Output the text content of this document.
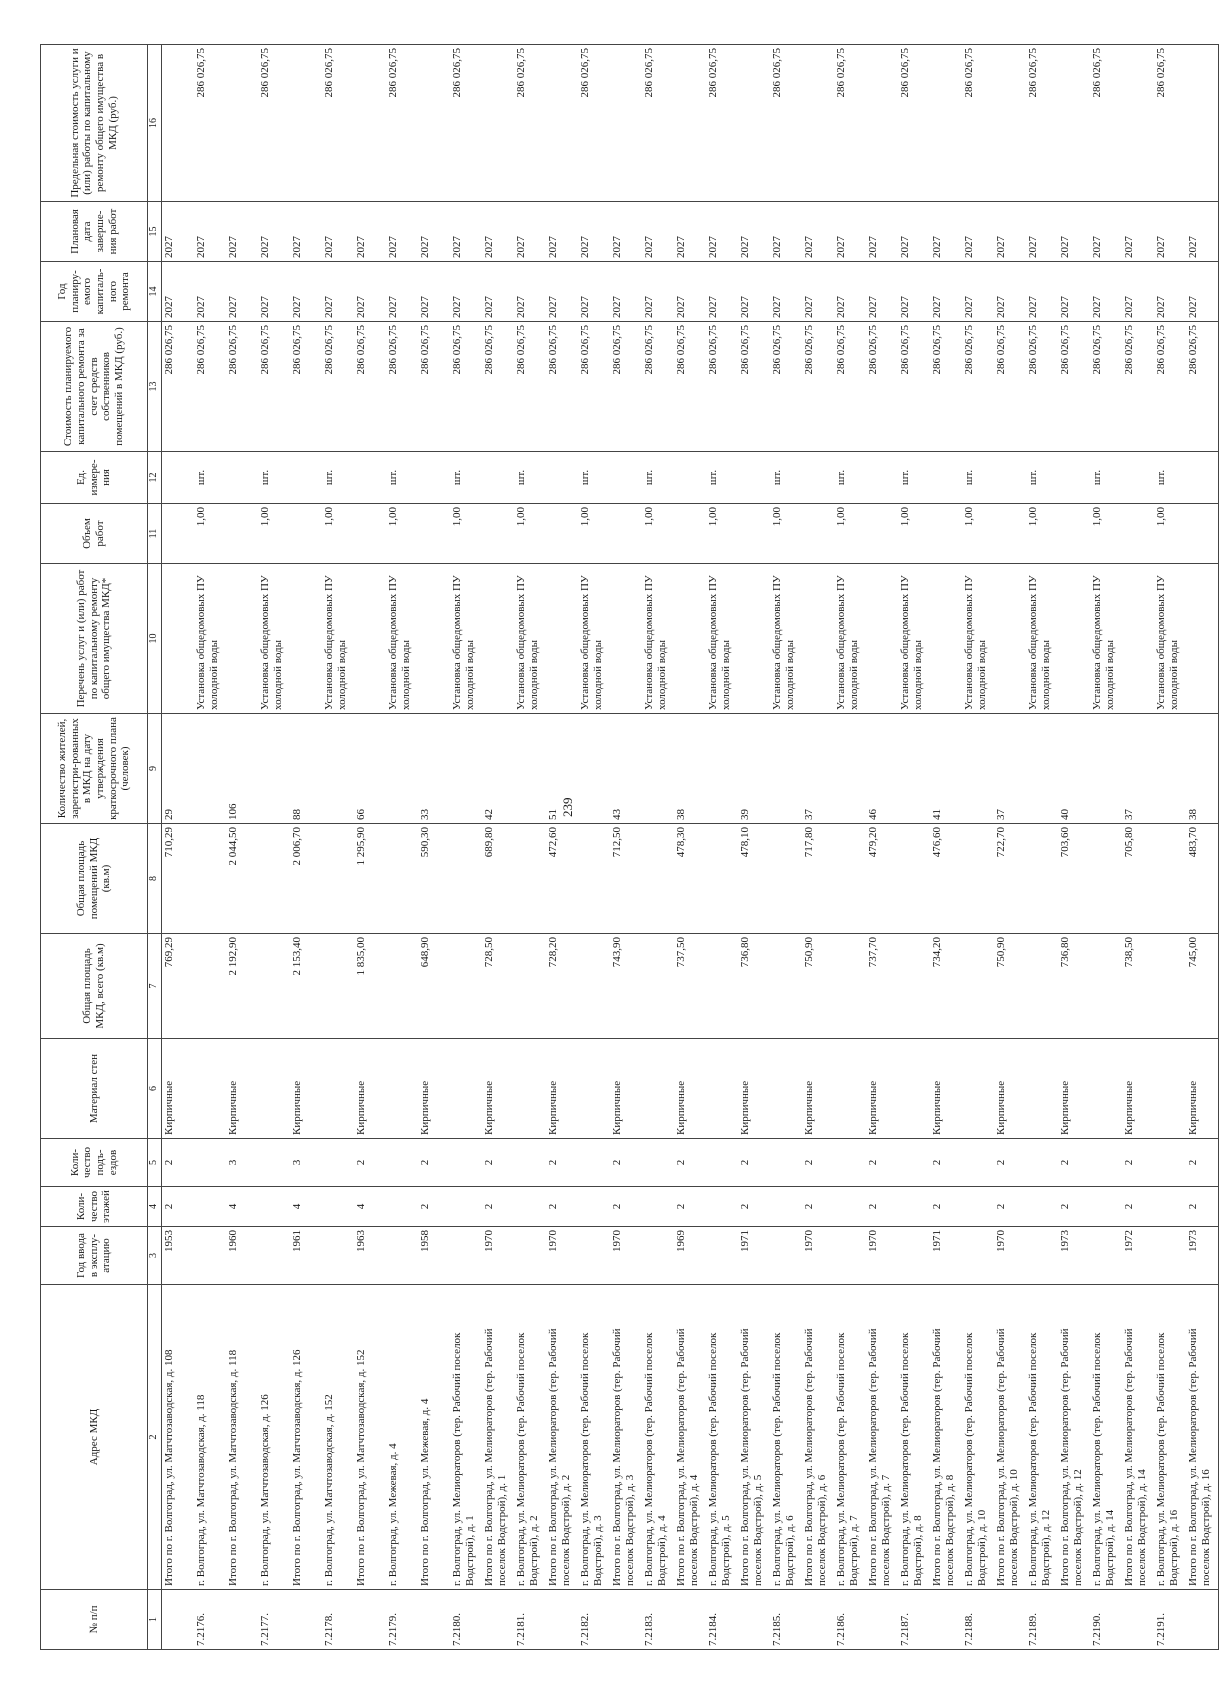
239
№ п/п	Адрес МКД	Год ввода в эксплу-атацию	Коли-чество этажей	Коли-чество подъ-ездов	Материал стен	Общая площадь МКД, всего (кв.м)	Общая площадь помещений МКД (кв.м)	Количество жителей, зарегистри-рованных в МКД на дату утверждения краткосрочного плана (человек)	Перечень услуг и (или) работ по капитальному ремонту общего имущества МКД*	Объем работ	Ед. измере-ния	Стоимость планируемого капитального ремонта за счет средств собственников помещений в МКД (руб.)	Год планиру-емого капиталь-ного ремонта	Плановая дата заверше-ния работ	Предельная стоимость услуги и (или) работы по капитальному ремонту общего имущества в МКД (руб.)
1	2	3	4	5	6	7	8	9	10	11	12	13	14	15	16
	Итого по г. Волгоград, ул. Матчтозаводская, д. 108	1953	2	2	Кирпичные	769,29	710,29	29				286 026,75	2027	2027	
7.2176.	г. Волгоград, ул. Матчтозаводская, д. 118								Установка общедомовых ПУ холодной воды	1,00	шт.	286 026,75	2027	2027	286 026,75
	Итого по г. Волгоград, ул. Матчтозаводская, д. 118	1960	4	3	Кирпичные	2 192,90	2 044,50	106				286 026,75	2027	2027	
7.2177.	г. Волгоград, ул. Матчтозаводская, д. 126								Установка общедомовых ПУ холодной воды	1,00	шт.	286 026,75	2027	2027	286 026,75
	Итого по г. Волгоград, ул. Матчтозаводская, д. 126	1961	4	3	Кирпичные	2 153,40	2 006,70	88				286 026,75	2027	2027	
7.2178.	г. Волгоград, ул. Матчтозаводская, д. 152								Установка общедомовых ПУ холодной воды	1,00	шт.	286 026,75	2027	2027	286 026,75
	Итого по г. Волгоград, ул. Матчтозаводская, д. 152	1963	4	2	Кирпичные	1 835,00	1 295,90	66				286 026,75	2027	2027	
7.2179.	г. Волгоград, ул. Межевая, д. 4								Установка общедомовых ПУ холодной воды	1,00	шт.	286 026,75	2027	2027	286 026,75
	Итого по г. Волгоград, ул. Межевая, д. 4	1958	2	2	Кирпичные	648,90	590,30	33				286 026,75	2027	2027	
7.2180.	г. Волгоград, ул. Мелиораторов (тер. Рабочий поселок Водстрой), д. 1								Установка общедомовых ПУ холодной воды	1,00	шт.	286 026,75	2027	2027	286 026,75
	Итого по г. Волгоград, ул. Мелиораторов (тер. Рабочий поселок Водстрой), д. 1	1970	2	2	Кирпичные	728,50	689,80	42				286 026,75	2027	2027	
7.2181.	г. Волгоград, ул. Мелиораторов (тер. Рабочий поселок Водстрой), д. 2								Установка общедомовых ПУ холодной воды	1,00	шт.	286 026,75	2027	2027	286 026,75
	Итого по г. Волгоград, ул. Мелиораторов (тер. Рабочий поселок Водстрой), д. 2	1970	2	2	Кирпичные	728,20	472,60	51				286 026,75	2027	2027	
7.2182.	г. Волгоград, ул. Мелиораторов (тер. Рабочий поселок Водстрой), д. 3								Установка общедомовых ПУ холодной воды	1,00	шт.	286 026,75	2027	2027	286 026,75
	Итого по г. Волгоград, ул. Мелиораторов (тер. Рабочий поселок Водстрой), д. 3	1970	2	2	Кирпичные	743,90	712,50	43				286 026,75	2027	2027	
7.2183.	г. Волгоград, ул. Мелиораторов (тер. Рабочий поселок Водстрой), д. 4								Установка общедомовых ПУ холодной воды	1,00	шт.	286 026,75	2027	2027	286 026,75
	Итого по г. Волгоград, ул. Мелиораторов (тер. Рабочий поселок Водстрой), д. 4	1969	2	2	Кирпичные	737,50	478,30	38				286 026,75	2027	2027	
7.2184.	г. Волгоград, ул. Мелиораторов (тер. Рабочий поселок Водстрой), д. 5								Установка общедомовых ПУ холодной воды	1,00	шт.	286 026,75	2027	2027	286 026,75
	Итого по г. Волгоград, ул. Мелиораторов (тер. Рабочий поселок Водстрой), д. 5	1971	2	2	Кирпичные	736,80	478,10	39				286 026,75	2027	2027	
7.2185.	г. Волгоград, ул. Мелиораторов (тер. Рабочий поселок Водстрой), д. 6								Установка общедомовых ПУ холодной воды	1,00	шт.	286 026,75	2027	2027	286 026,75
	Итого по г. Волгоград, ул. Мелиораторов (тер. Рабочий поселок Водстрой), д. 6	1970	2	2	Кирпичные	750,90	717,80	37				286 026,75	2027	2027	
7.2186.	г. Волгоград, ул. Мелиораторов (тер. Рабочий поселок Водстрой), д. 7								Установка общедомовых ПУ холодной воды	1,00	шт.	286 026,75	2027	2027	286 026,75
	Итого по г. Волгоград, ул. Мелиораторов (тер. Рабочий поселок Водстрой), д. 7	1970	2	2	Кирпичные	737,70	479,20	46				286 026,75	2027	2027	
7.2187.	г. Волгоград, ул. Мелиораторов (тер. Рабочий поселок Водстрой), д. 8								Установка общедомовых ПУ холодной воды	1,00	шт.	286 026,75	2027	2027	286 026,75
	Итого по г. Волгоград, ул. Мелиораторов (тер. Рабочий поселок Водстрой), д. 8	1971	2	2	Кирпичные	734,20	476,60	41				286 026,75	2027	2027	
7.2188.	г. Волгоград, ул. Мелиораторов (тер. Рабочий поселок Водстрой), д. 10								Установка общедомовых ПУ холодной воды	1,00	шт.	286 026,75	2027	2027	286 026,75
	Итого по г. Волгоград, ул. Мелиораторов (тер. Рабочий поселок Водстрой), д. 10	1970	2	2	Кирпичные	750,90	722,70	37				286 026,75	2027	2027	
7.2189.	г. Волгоград, ул. Мелиораторов (тер. Рабочий поселок Водстрой), д. 12								Установка общедомовых ПУ холодной воды	1,00	шт.	286 026,75	2027	2027	286 026,75
	Итого по г. Волгоград, ул. Мелиораторов (тер. Рабочий поселок Водстрой), д. 12	1973	2	2	Кирпичные	736,80	703,60	40				286 026,75	2027	2027	
7.2190.	г. Волгоград, ул. Мелиораторов (тер. Рабочий поселок Водстрой), д. 14								Установка общедомовых ПУ холодной воды	1,00	шт.	286 026,75	2027	2027	286 026,75
	Итого по г. Волгоград, ул. Мелиораторов (тер. Рабочий поселок Водстрой), д. 14	1972	2	2	Кирпичные	738,50	705,80	37				286 026,75	2027	2027	
7.2191.	г. Волгоград, ул. Мелиораторов (тер. Рабочий поселок Водстрой), д. 16								Установка общедомовых ПУ холодной воды	1,00	шт.	286 026,75	2027	2027	286 026,75
	Итого по г. Волгоград, ул. Мелиораторов (тер. Рабочий поселок Водстрой), д. 16	1973	2	2	Кирпичные	745,00	483,70	38				286 026,75	2027	2027	
